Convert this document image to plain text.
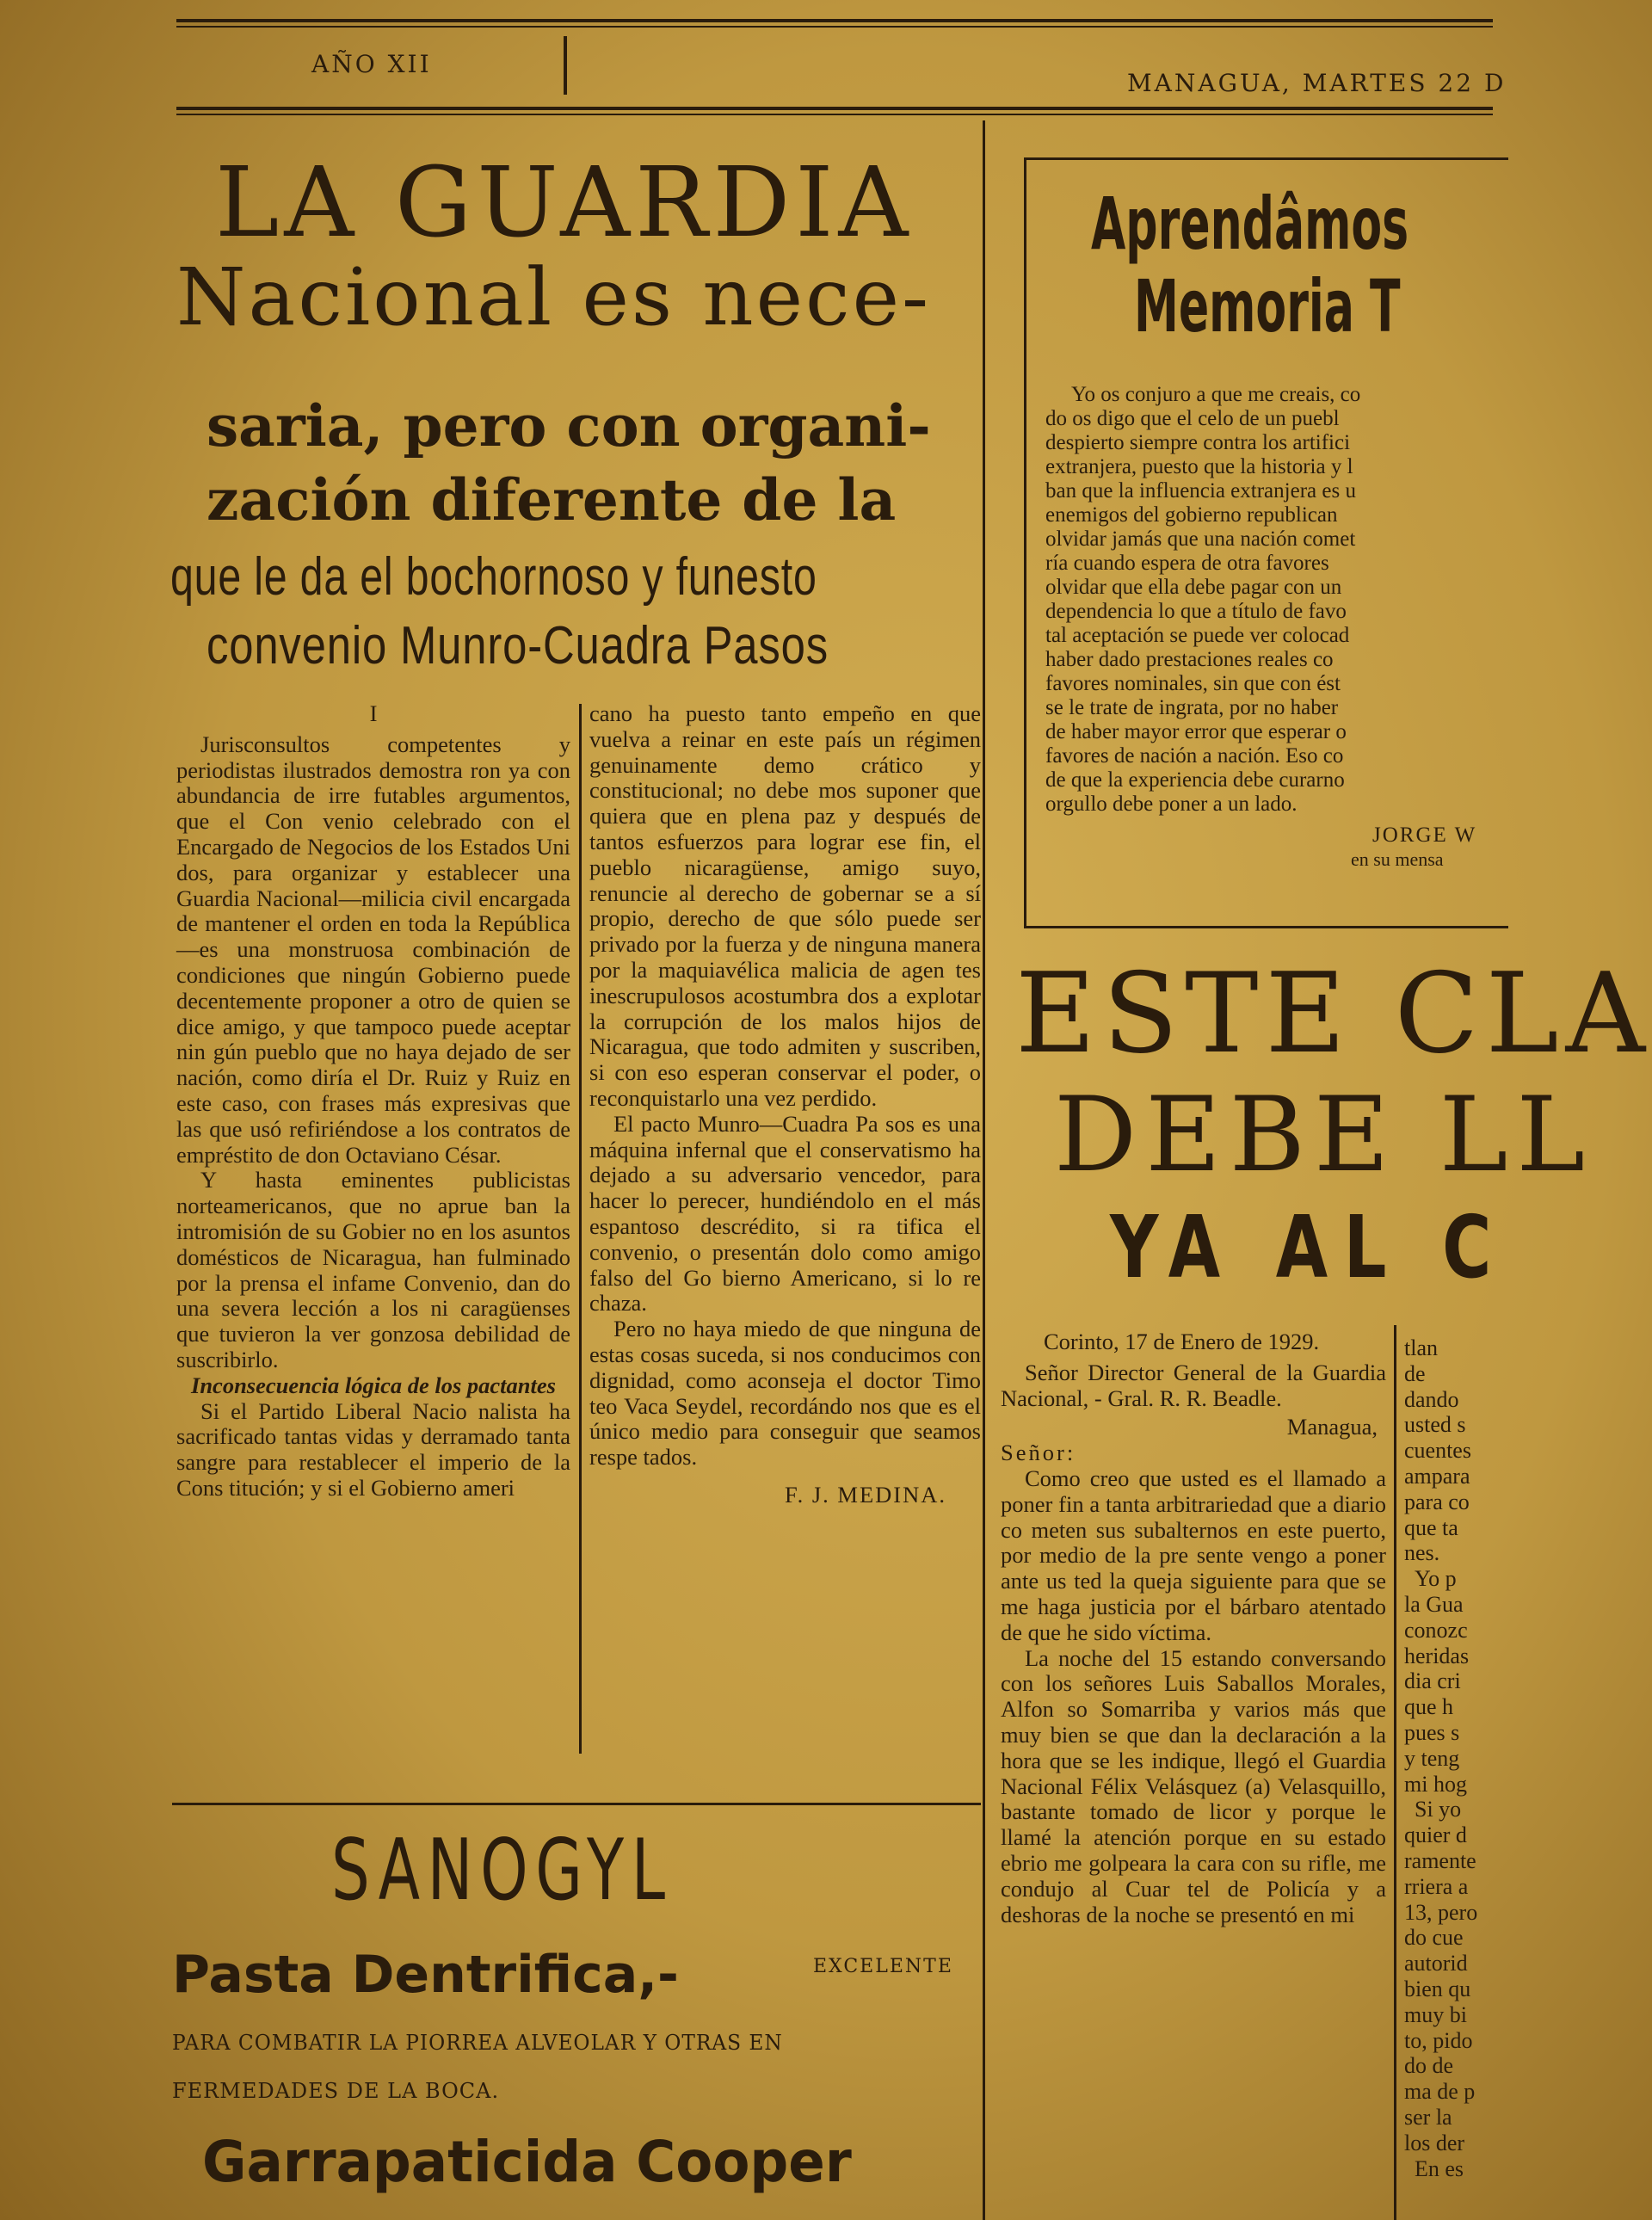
AÑO XII
MANAGUA, MARTES 22 D
LA GUARDIA
Nacional es nece-
saria, pero con organi-
zación diferente de la
que le da el bochornoso y funesto
convenio Munro-Cuadra Pasos

I

Jurisconsultos competentes y periodistas ilustrados demostra ron ya con abundancia de irre futables argumentos, que el Con venio celebrado con el Encargado de Negocios de los Estados Uni dos, para organizar y establecer una Guardia Nacional—milicia civil encargada de mantener el orden en toda la República—es una monstruosa combinación de condiciones que ningún Gobierno puede decentemente proponer a otro de quien se dice amigo, y que tampoco puede aceptar nin gún pueblo que no haya dejado de ser nación, como diría el Dr. Ruiz y Ruiz en este caso, con frases más expresivas que las que usó refiriéndose a los contratos de empréstito de don Octaviano César.

Y hasta eminentes publicistas norteamericanos, que no aprue ban la intromisión de su Gobier no en los asuntos domésticos de Nicaragua, han fulminado por la prensa el infame Convenio, dan do una severa lección a los ni caragüenses que tuvieron la ver gonzosa debilidad de suscribirlo.

Inconsecuencia lógica de los pactantes

Si el Partido Liberal Nacio nalista ha sacrificado tantas vidas y derramado tanta sangre para restablecer el imperio de la Cons titución; y si el Gobierno ameri

cano ha puesto tanto empeño en que vuelva a reinar en este país un régimen genuinamente demo crático y constitucional; no debe mos suponer que quiera que en plena paz y después de tantos esfuerzos para lograr ese fin, el pueblo nicaragüense, amigo suyo, renuncie al derecho de gobernar se a sí propio, derecho de que sólo puede ser privado por la fuerza y de ninguna manera por la maquiavélica malicia de agen tes inescrupulosos acostumbra dos a explotar la corrupción de los malos hijos de Nicaragua, que todo admiten y suscriben, si con eso esperan conservar el poder, o reconquistarlo una vez perdido.

El pacto Munro—Cuadra Pa sos es una máquina infernal que el conservatismo ha dejado a su adversario vencedor, para hacer lo perecer, hundiéndolo en el más espantoso descrédito, si ra tifica el convenio, o presentán dolo como amigo falso del Go bierno Americano, si lo re chaza.

Pero no haya miedo de que ninguna de estas cosas suceda, si nos conducimos con dignidad, como aconseja el doctor Timo teo Vaca Seydel, recordándo nos que es el único medio para conseguir que seamos respe tados.

F. J. MEDINA.

SANOGYL
Pasta Dentrifica,-	EXCELENTE
PARA COMBATIR LA PIORREA ALVEOLAR Y OTRAS EN
FERMEDADES DE LA BOCA.
Garrapaticida Cooper
Aprendâmos
Memoria T
Yo os conjuro a que me creais, co
do os digo que el celo de un puebl
despierto siempre contra los artifici
extranjera, puesto que la historia y l
ban que la influencia extranjera es u
enemigos del gobierno republican
olvidar jamás que una nación comet
ría cuando espera de otra favores
olvidar que ella debe pagar con un
dependencia lo que a título de favo
tal aceptación se puede ver colocad
haber dado prestaciones reales co
favores nominales, sin que con ést
se le trate de ingrata, por no haber
de haber mayor error que esperar o
favores de nación a nación. Eso co
de que la experiencia debe curarno
orgullo debe poner a un lado.
JORGE W
en su mensa
ESTE CLA
DEBE LL
YA AL C

Corinto, 17 de Enero de 1929.

Señor Director General de la Guardia Nacional, - Gral. R. R. Beadle.

Managua,

Señor:

Como creo que usted es el llamado a poner fin a tanta arbitrariedad que a diario co meten sus subalternos en este puerto, por medio de la pre sente vengo a poner ante us ted la queja siguiente para que se me haga justicia por el bárbaro atentado de que he sido víctima.

La noche del 15 estando conversando con los señores Luis Saballos Morales, Alfon so Somarriba y varios más que muy bien se que dan la declaración a la hora que se les indique, llegó el Guardia Nacional Félix Velásquez (a) Velasquillo, bastante tomado de licor y porque le llamé la atención porque en su estado ebrio me golpeara la cara con su rifle, me condujo al Cuar tel de Policía y a deshoras de la noche se presentó en mi

tlan
de
dando
usted s
cuentes
ampara
para co
que ta
nes.
Yo p
la Gua
conozc
heridas
dia cri
que h
pues s
y teng
mi hog
Si yo
quier d
ramente
rriera a
13, pero
do cue
autorid
bien qu
muy bi
to, pido
do de
ma de p
ser la
los der
En es
